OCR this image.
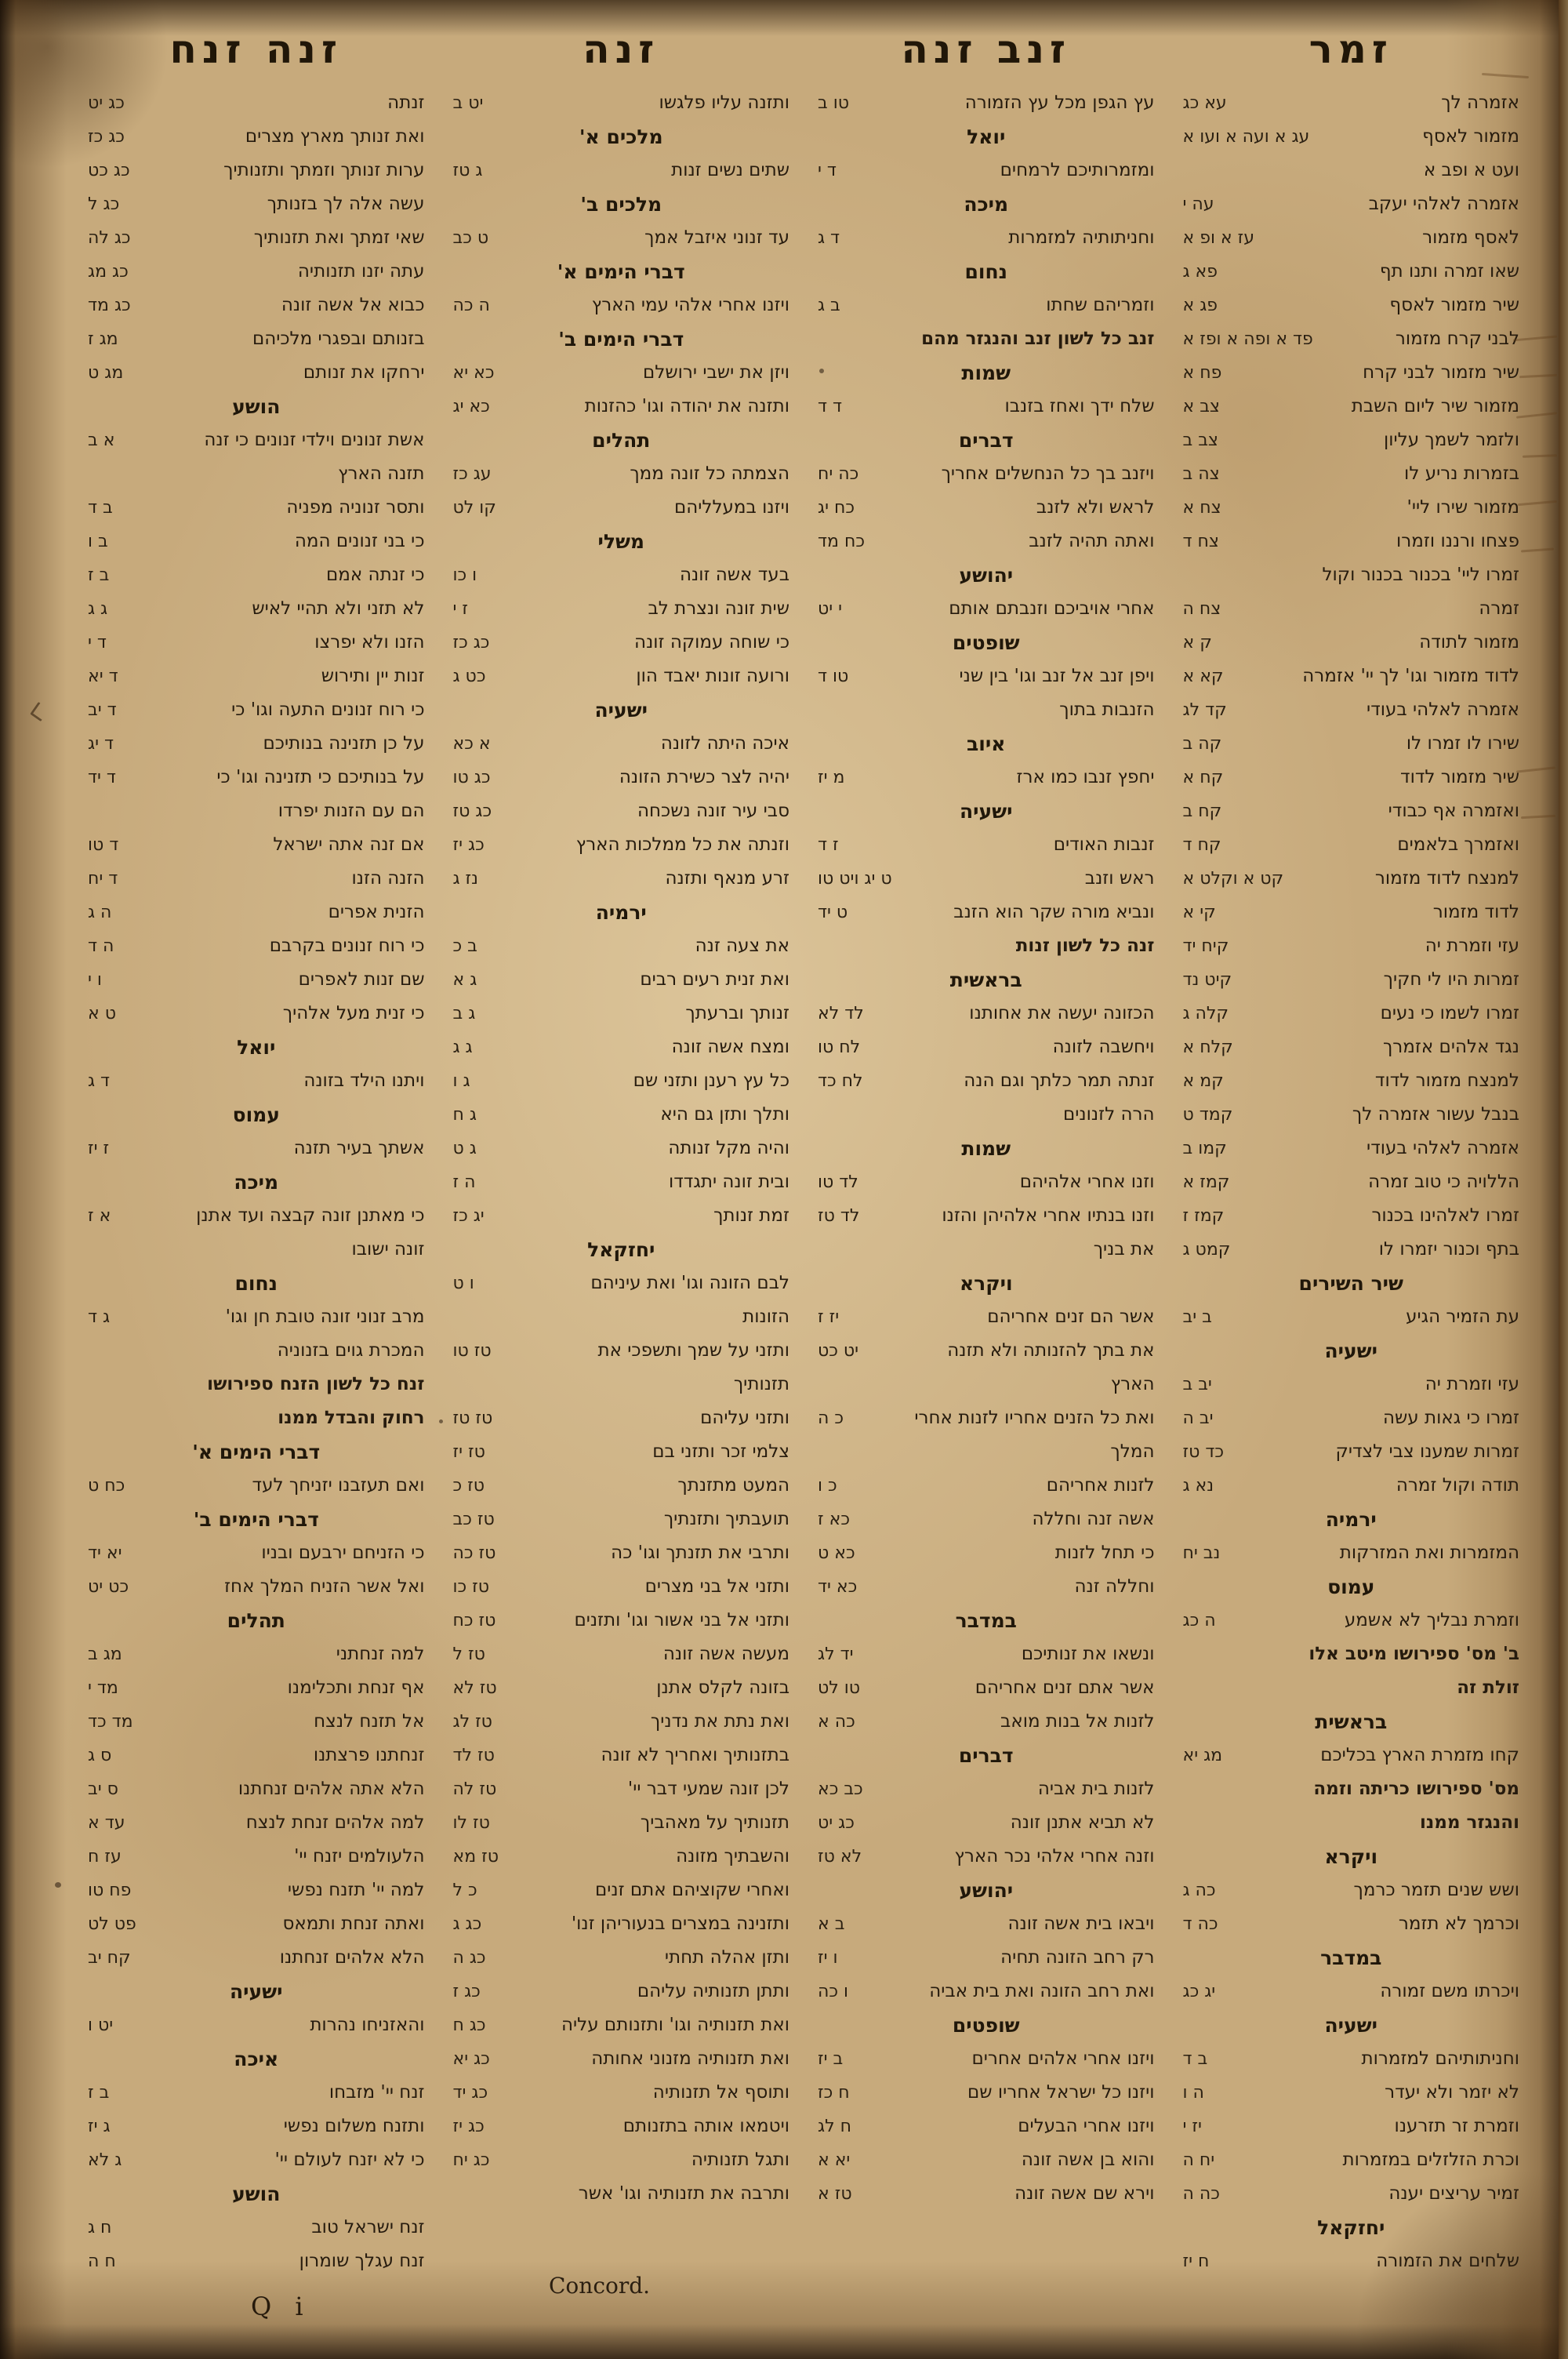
זמר
אזמרה לך
עא כג
מזמור לאסף
עג א ועה א ועו א
ועט א ופב א
אזמרה לאלהי יעקב
עה י
לאסף מזמור
עז א ופ א
שאו זמרה ותנו תף
פא ג
שיר מזמור לאסף
פג א
לבני קרח מזמור
פד א ופה א ופז א
שיר מזמור לבני קרח
פח א
מזמור שיר ליום השבת
צב א
ולזמר לשמך עליון
צב ב
בזמרות נריע לו
צה ב
מזמור שירו ליי'
צח א
פצחו ורננו וזמרו
צח ד
זמרו ליי' בכנור בכנור וקול
זמרה
צח ה
מזמור לתודה
ק א
לדוד מזמור וגו' לך יי' אזמרה
קא א
אזמרה לאלהי בעודי
קד לג
שירו לו זמרו לו
קה ב
שיר מזמור לדוד
קח א
ואזמרה אף כבודי
קח ב
ואזמרך בלאמים
קח ד
למנצח לדוד מזמור
קט א וקלט א
לדוד מזמור
קי א
עזי וזמרת יה
קיח יד
זמרות היו לי חקיך
קיט נד
זמרו לשמו כי נעים
קלה ג
נגד אלהים אזמרך
קלח א
למנצח מזמור לדוד
קמ א
בנבל עשור אזמרה לך
קמד ט
אזמרה לאלהי בעודי
קמו ב
הללויה כי טוב זמרה
קמז א
זמרו לאלהינו בכנור
קמז ז
בתף וכנור יזמרו לו
קמט ג
שיר השירים
עת הזמיר הגיע
ב יב
ישעיה
עזי וזמרת יה
יב ב
זמרו כי גאות עשה
יב ה
זמרות שמענו צבי לצדיק
כד טז
תודה וקול זמרה
נא ג
ירמיה
המזמרות ואת המזרקות
נב יח
עמוס
וזמרת נבליך לא אשמע
ה כג
ב' מס' ספירושו מיטב אלו
זולת זה
בראשית
קחו מזמרת הארץ בכליכם
מג יא
מס' ספירושו כריתה וזמה
והנגזר ממנו
ויקרא
ושש שנים תזמר כרמך
כה ג
וכרמך לא תזמר
כה ד
במדבר
ויכרתו משם זמורה
יג כג
ישעיה
וחניתותיהם למזמרות
ב ד
לא יזמר ולא יעדר
ה ו
וזמרת זר תזרענו
יז י
וכרת הזלזלים במזמרות
יח ה
זמיר עריצים יענה
כה ה
יחזקאל
שלחים את הזמורה
ח יז
זנב זנה
עץ הגפן מכל עץ הזמורה
טו ב
יואל
ומזמרותיכם לרמחים
ד י
מיכה
וחניתותיה למזמרות
ד ג
נחום
וזמריהם שחתו
ב ג
זנב כל לשון זנב והנגזר מהם
שמות
שלח ידך ואחז בזנבו
ד ד
דברים
ויזנב בך כל הנחשלים אחריך
כה יח
לראש ולא לזנב
כח יג
ואתה תהיה לזנב
כח מד
יהושע
אחרי אויביכם וזנבתם אותם
י יט
שופטים
ויפן זנב אל זנב וגו' בין שני
טו ד
הזנבות בתוך
איוב
יחפץ זנבו כמו ארז
מ יז
ישעיה
זנבות האודים
ז ד
ראש וזנב
ט יג ויט טו
ונביא מורה שקר הוא הזנב
ט יד
זנה כל לשון זנות
בראשית
הכזונה יעשה את אחותנו
לד לא
ויחשבה לזונה
לח טו
זנתה תמר כלתך וגם הנה
לח כד
הרה לזנונים
שמות
וזנו אחרי אלהיהם
לד טו
וזנו בנתיו אחרי אלהיהן והזנו
לד טז
את בניך
ויקרא
אשר הם זנים אחריהם
יז ז
את בתך להזנותה ולא תזנה
יט כט
הארץ
ואת כל הזנים אחריו לזנות אחרי
כ ה
המלך
לזנות אחריהם
כ ו
אשה זנה וחללה
כא ז
כי תחל לזנות
כא ט
וחללה זנה
כא יד
במדבר
ונשאו את זנותיכם
יד לג
אשר אתם זנים אחריהם
טו לט
לזנות אל בנות מואב
כה א
דברים
לזנות בית אביה
כב כא
לא תביא אתנן זונה
כג יט
וזנה אחרי אלהי נכר הארץ
לא טז
יהושע
ויבאו בית אשה זונה
ב א
רק רחב הזונה תחיה
ו יז
ואת רחב הזונה ואת בית אביה
ו כה
שופטים
ויזנו אחרי אלהים אחרים
ב יז
ויזנו כל ישראל אחריו שם
ח כז
ויזנו אחרי הבעלים
ח לג
והוא בן אשה זונה
יא א
וירא שם אשה זונה
טז א
זנה
ותזנה עליו פלגשו
יט ב
מלכים א'
שתים נשים זנות
ג טז
מלכים ב'
עד זנוני איזבל אמך
ט כב
דברי הימים א'
ויזנו אחרי אלהי עמי הארץ
ה כה
דברי הימים ב'
ויזן את ישבי ירושלם
כא יא
ותזנה את יהודה וגו' כהזנות
כא יג
תהלים
הצמתה כל זונה ממך
עג כז
ויזנו במעלליהם
קו לט
משלי
בעד אשה זונה
ו כו
שית זונה ונצרת לב
ז י
כי שוחה עמוקה זונה
כג כז
ורועה זונות יאבד הון
כט ג
ישעיה
איכה היתה לזונה
א כא
יהיה לצר כשירת הזונה
כג טו
סבי עיר זונה נשכחה
כג טז
וזנתה את כל ממלכות הארץ
כג יז
זרע מנאף ותזנה
נז ג
ירמיה
את צעה זנה
ב כ
ואת זנית רעים רבים
ג א
זנותך וברעתך
ג ב
ומצח אשה זונה
ג ג
כל עץ רענן ותזני שם
ג ו
ותלך ותזן גם היא
ג ח
והיה מקל זנותה
ג ט
ובית זונה יתגדדו
ה ז
זמת זנותך
יג כז
יחזקאל
לבם הזונה וגו' ואת עיניהם
ו ט
הזונות
ותזני על שמך ותשפכי את
טז טו
תזנותיך
ותזני עליהם
טז טז
צלמי זכר ותזני בם
טז יז
המעט מתזנתך
טז כ
תועבתיך ותזנתיך
טז כב
ותרבי את תזנתך וגו' כה
טז כה
ותזני אל בני מצרים
טז כו
ותזני אל בני אשור וגו' ותזנים
טז כח
מעשה אשה זונה
טז ל
בזונה לקלס אתנן
טז לא
ואת נתת את נדניך
טז לג
בתזנותיך ואחריך לא זונה
טז לד
לכן זונה שמעי דבר יי'
טז לה
תזנותיך על מאהביך
טז לו
והשבתיך מזונה
טז מא
ואחרי שקוציהם אתם זנים
כ ל
ותזנינה במצרים בנעוריהן זנו'
כג ג
ותזן אהלה תחתי
כג ה
ותתן תזנותיה עליהם
כג ז
ואת תזנותיה וגו' ותזנותם עליה
כג ח
ואת תזנותיה מזנוני אחותה
כג יא
ותוסף אל תזנותיה
כג יד
ויטמאו אותה בתזנותם
כג יז
ותגל תזנותיה
כג יח
ותרבה את תזנותיה וגו' אשר
זנה זנח
זנתה
כג יט
ואת זנותך מארץ מצרים
כג כז
ערות זנותך וזמתך ותזנותיך
כג כט
עשה אלה לך בזנותך
כג ל
שאי זמתך ואת תזנותיך
כג לה
עתה יזנו תזנותיה
כג מג
כבוא אל אשה זונה
כג מד
בזנותם ובפגרי מלכיהם
מג ז
ירחקו את זנותם
מג ט
הושע
אשת זנונים וילדי זנונים כי זנה
א ב
תזנה הארץ
ותסר זנוניה מפניה
ב ד
כי בני זנונים המה
ב ו
כי זנתה אמם
ב ז
לא תזני ולא תהיי לאיש
ג ג
הזנו ולא יפרצו
ד י
זנות יין ותירוש
ד יא
כי רוח זנונים התעה וגו' כי
ד יב
על כן תזנינה בנותיכם
ד יג
על בנותיכם כי תזנינה וגו' כי
ד יד
הם עם הזנות יפרדו
אם זנה אתה ישראל
ד טו
הזנה הזנו
ד יח
הזנית אפרים
ה ג
כי רוח זנונים בקרבם
ה ד
שם זנות לאפרים
ו י
כי זנית מעל אלהיך
ט א
יואל
ויתנו הילד בזונה
ד ג
עמוס
אשתך בעיר תזנה
ז יז
מיכה
כי מאתנן זונה קבצה ועד אתנן
א ז
זונה ישובו
נחום
מרב זנוני זונה טובת חן וגו'
ג ד
המכרת גוים בזנוניה
זנח כל לשון הזנח ספירושו
רחוק והבדל ממנו
דברי הימים א'
ואם תעזבנו יזניחך לעד
כח ט
דברי הימים ב'
כי הזניחם ירבעם ובניו
יא יד
ואל אשר הזניח המלך אחז
כט יט
תהלים
למה זנחתני
מג ב
אף זנחת ותכלימנו
מד י
אל תזנח לנצח
מד כד
זנחתנו פרצתנו
ס ג
הלא אתה אלהים זנחתנו
ס יב
למה אלהים זנחת לנצח
עד א
הלעולמים יזנח יי'
עז ח
למה יי' תזנח נפשי
פח טו
ואתה זנחת ותמאס
פט לט
הלא אלהים זנחתנו
קח יב
ישעיה
והאזניחו נהרות
יט ו
איכה
זנח יי' מזבחו
ב ז
ותזנח משלום נפשי
ג יז
כי לא יזנח לעולם יי'
ג לא
הושע
זנח ישראל טוב
ח ג
זנח עגלך שומרון
ח ה
Concord.
Q i
